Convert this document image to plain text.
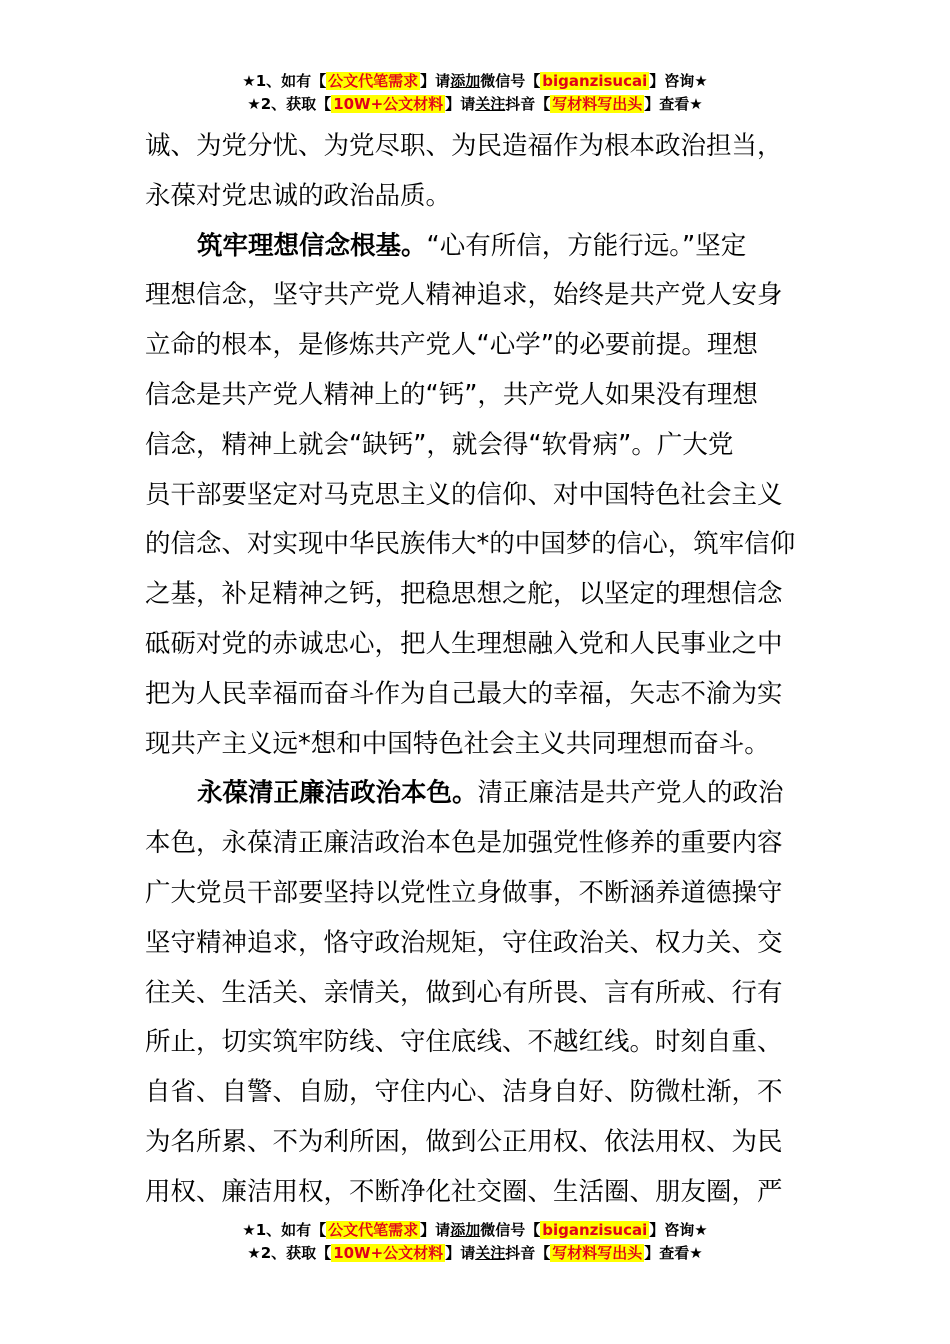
★1、如有【 公文代笔需求 】请添加微信号【 biganzisucai 】咨询★
★2、获取【 10W+公文材料 】请关注抖音【 写材料写出头 】查看★
诚、为党分忧、为党尽职、为民造福作为根本政治担当，
永葆对党忠诚的政治品质。
筑牢理想信念根基。“心有所信，方能行远。”坚定
理想信念，坚守共产党人精神追求，始终是共产党人安身
立命的根本，是修炼共产党人“心学”的必要前提。理想
信念是共产党人精神上的“钙”，共产党人如果没有理想
信念，精神上就会“缺钙”，就会得“软骨病”。广大党
员干部要坚定对马克思主义的信仰、对中国特色社会主义
的信念、对实现中华民族伟大*的中国梦的信心，筑牢信仰
之基，补足精神之钙，把稳思想之舵，以坚定的理想信念
砥砺对党的赤诚忠心，把人生理想融入党和人民事业之中
把为人民幸福而奋斗作为自己最大的幸福，矢志不渝为实
现共产主义远*想和中国特色社会主义共同理想而奋斗。
永葆清正廉洁政治本色。清正廉洁是共产党人的政治
本色，永葆清正廉洁政治本色是加强党性修养的重要内容
广大党员干部要坚持以党性立身做事，不断涵养道德操守
坚守精神追求，恪守政治规矩，守住政治关、权力关、交
往关、生活关、亲情关，做到心有所畏、言有所戒、行有
所止，切实筑牢防线、守住底线、不越红线。时刻自重、
自省、自警、自励，守住内心、洁身自好、防微杜渐，不
为名所累、不为利所困，做到公正用权、依法用权、为民
用权、廉洁用权，不断净化社交圈、生活圈、朋友圈，严
★1、如有【 公文代笔需求 】请添加微信号【 biganzisucai 】咨询★
★2、获取【 10W+公文材料 】请关注抖音【 写材料写出头 】查看★
